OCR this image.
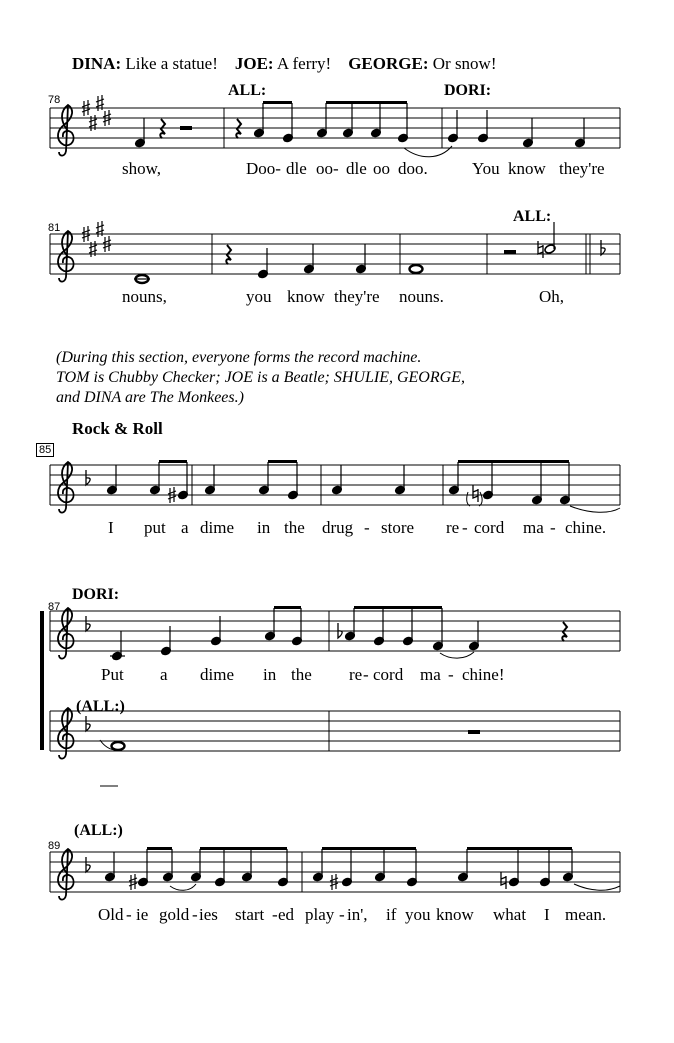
DINA: Like a statue! JOE: A ferry! GEORGE: Or snow!
ALL:	DORI:
78
show,	Doo- dle oo- dle oo doo.	You know they're
81
ALL:
nouns,	you know they're nouns.	Oh,
(During this section, everyone forms the record machine.
TOM is Chubby Checker; JOE is a Beatle; SHULIE, GEORGE,
and DINA are The Monkees.)
Rock & Roll
85
I put a dime in the drug - store re - cord ma - chine.
87
DORI:
(ALL:)
Put a dime in the re - cord ma - chine!
89
(ALL:)
Old - ie gold - ies start - ed play - in', if you know what I mean.
